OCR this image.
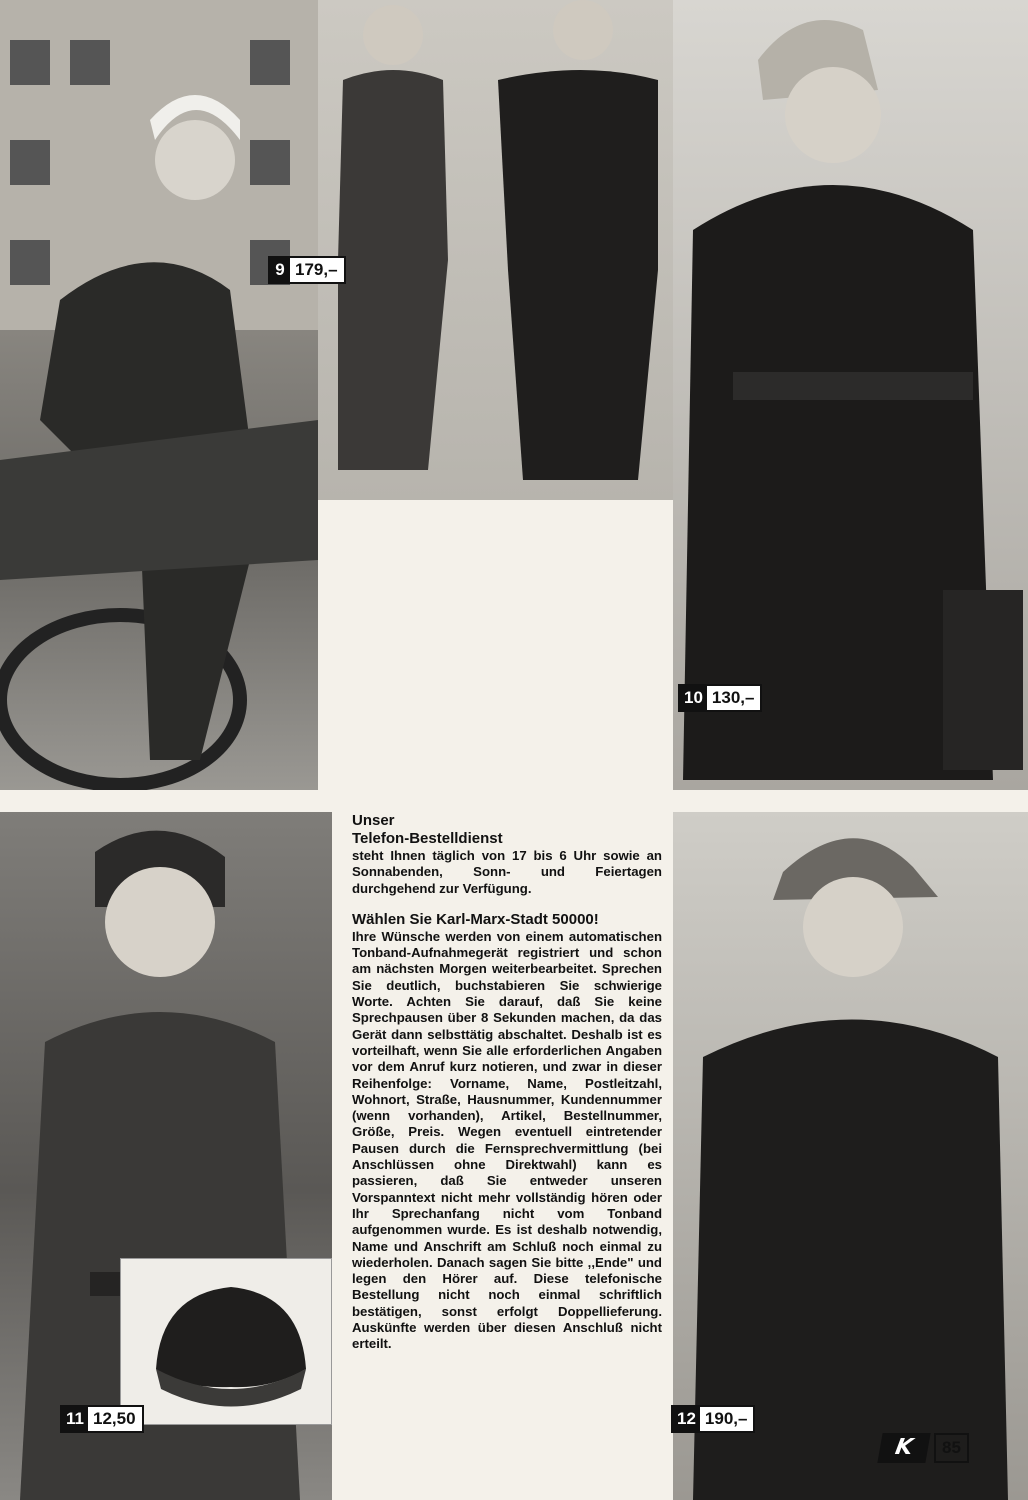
9 179,–
10 130,–
11 12,50	12 190,–
Unser
Telefon-Bestelldienst

steht Ihnen täglich von 17 bis 6 Uhr sowie an Sonnabenden, Sonn- und Feiertagen durchgehend zur Verfügung.

Wählen Sie Karl-Marx-Stadt 50000!

Ihre Wünsche werden von einem automatischen Tonband-Aufnahmegerät registriert und schon am nächsten Morgen weiterbearbeitet. Sprechen Sie deutlich, buchstabieren Sie schwierige Worte. Achten Sie darauf, daß Sie keine Sprechpausen über 8 Sekunden machen, da das Gerät dann selbsttätig abschaltet. Deshalb ist es vorteilhaft, wenn Sie alle erforderlichen Angaben vor dem Anruf kurz notieren, und zwar in dieser Reihenfolge: Vorname, Name, Postleitzahl, Wohnort, Straße, Hausnummer, Kundennummer (wenn vorhanden), Artikel, Bestellnummer, Größe, Preis. Wegen eventuell eintretender Pausen durch die Fernsprechvermittlung (bei Anschlüssen ohne Direktwahl) kann es passieren, daß Sie entweder unseren Vorspanntext nicht mehr vollständig hören oder Ihr Sprechanfang nicht vom Tonband aufgenommen wurde. Es ist deshalb notwendig, Name und Anschrift am Schluß noch einmal zu wiederholen. Danach sagen Sie bitte ,,Ende" und legen den Hörer auf. Diese telefonische Bestellung nicht noch einmal schriftlich bestätigen, sonst erfolgt Doppellieferung. Auskünfte werden über diesen Anschluß nicht erteilt.

K	85
